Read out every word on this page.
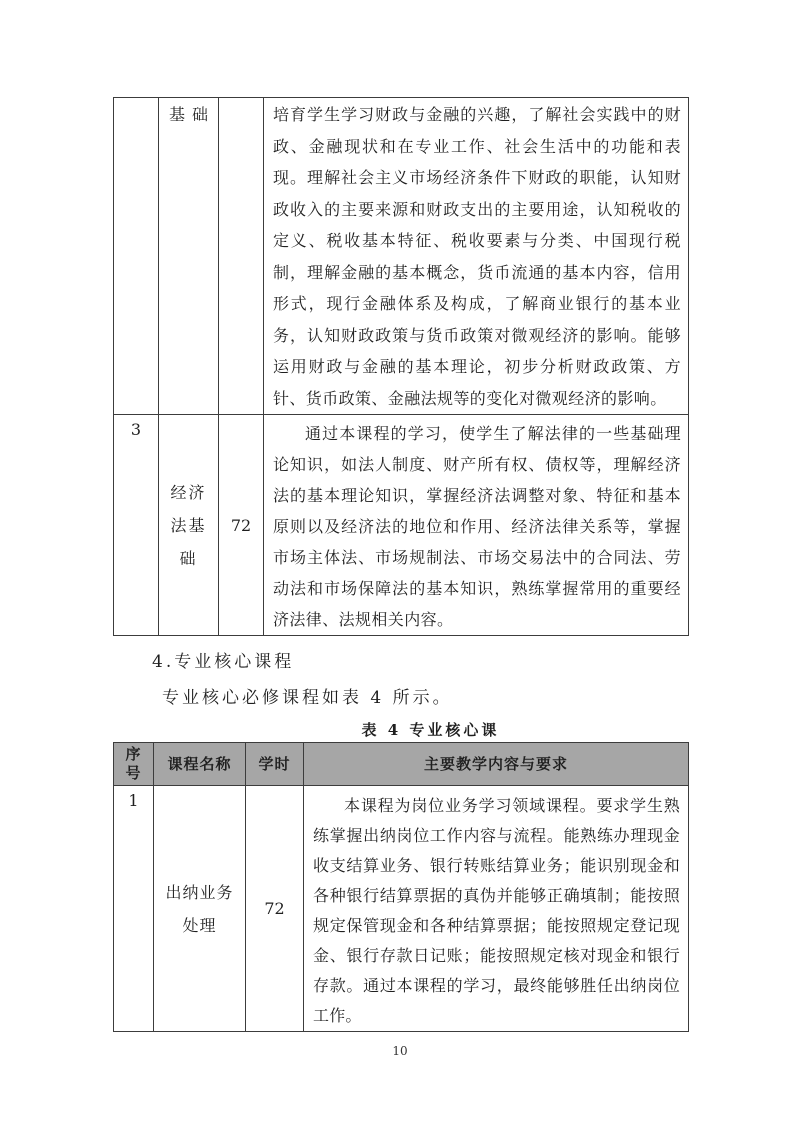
	基础		培育学生学习财政与金融的兴趣，了解社会实践中的财政、金融现状和在专业工作、社会生活中的功能和表现。理解社会主义市场经济条件下财政的职能，认知财政收入的主要来源和财政支出的主要用途，认知税收的定义、税收基本特征、税收要素与分类、中国现行税制，理解金融的基本概念，货币流通的基本内容，信用形式，现行金融体系及构成，了解商业银行的基本业务，认知财政政策与货币政策对微观经济的影响。能够运用财政与金融的基本理论，初步分析财政政策、方针、货币政策、金融法规等的变化对微观经济的影响。
3	经济法基础	72	通过本课程的学习，使学生了解法律的一些基础理论知识，如法人制度、财产所有权、债权等，理解经济法的基本理论知识，掌握经济法调整对象、特征和基本原则以及经济法的地位和作用、经济法律关系等，掌握市场主体法、市场规制法、市场交易法中的合同法、劳动法和市场保障法的基本知识，熟练掌握常用的重要经济法律、法规相关内容。
4.专业核心课程
专业核心必修课程如表 4 所示。
表 4 专业核心课
序号	课程名称	学时	主要教学内容与要求
1	出纳业务处理	72	本课程为岗位业务学习领域课程。要求学生熟练掌握出纳岗位工作内容与流程。能熟练办理现金收支结算业务、银行转账结算业务；能识别现金和各种银行结算票据的真伪并能够正确填制；能按照规定保管现金和各种结算票据；能按照规定登记现金、银行存款日记账；能按照规定核对现金和银行存款。通过本课程的学习，最终能够胜任出纳岗位工作。
10
